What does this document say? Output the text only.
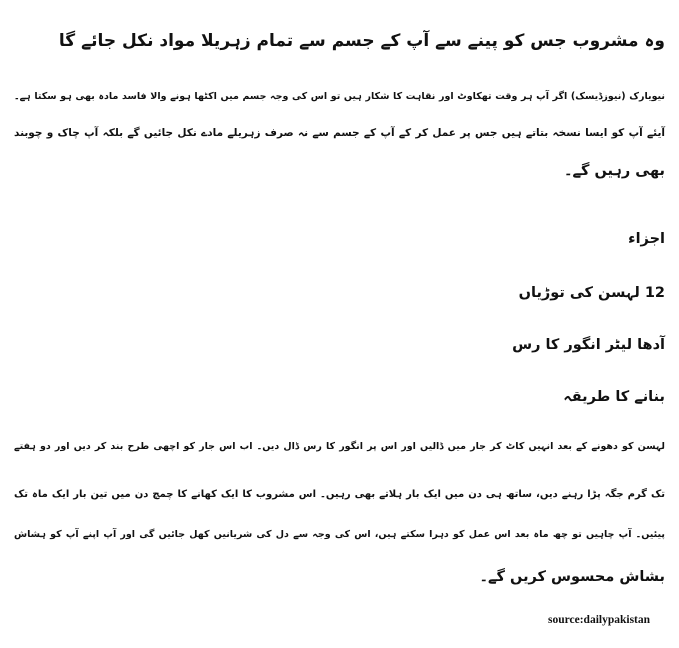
وہ مشروب جس کو پینے سے آپ کے جسم سے تمام زہریلا مواد نکل جائے گا

نیویارک (نیوزڈیسک) اگر آپ ہر وقت تھکاوٹ اور نقاہت کا شکار ہیں تو اس کی وجہ جسم میں اکٹھا ہونے والا فاسد مادہ بھی ہو سکتا ہے۔

آیئے آپ کو ایسا نسخہ بتاتے ہیں جس پر عمل کر کے آپ کے جسم سے نہ صرف زہریلے مادے نکل جائیں گے بلکہ آپ چاک و چوبند

بھی رہیں گے۔

اجزاء

12 لہسن کی توڑیاں

آدھا لیٹر انگور کا رس

بنانے کا طریقہ

لہسن کو دھونے کے بعد انہیں کاٹ کر جار میں ڈالیں اور اس پر انگور کا رس ڈال دیں۔ اب اس جار کو اچھی طرح بند کر دیں اور دو ہفتے

تک گرم جگہ پڑا رہنے دیں، ساتھ ہی دن میں ایک بار ہلاتے بھی رہیں۔ اس مشروب کا ایک کھانے کا چمچ دن میں تین بار ایک ماہ تک

پیئیں۔ آپ چاہیں تو چھ ماہ بعد اس عمل کو دہرا سکتے ہیں، اس کی وجہ سے دل کی شریانیں کھل جائیں گی اور آپ اپنے آپ کو ہشاش

بشاش محسوس کریں گے۔

source:dailypakistan
